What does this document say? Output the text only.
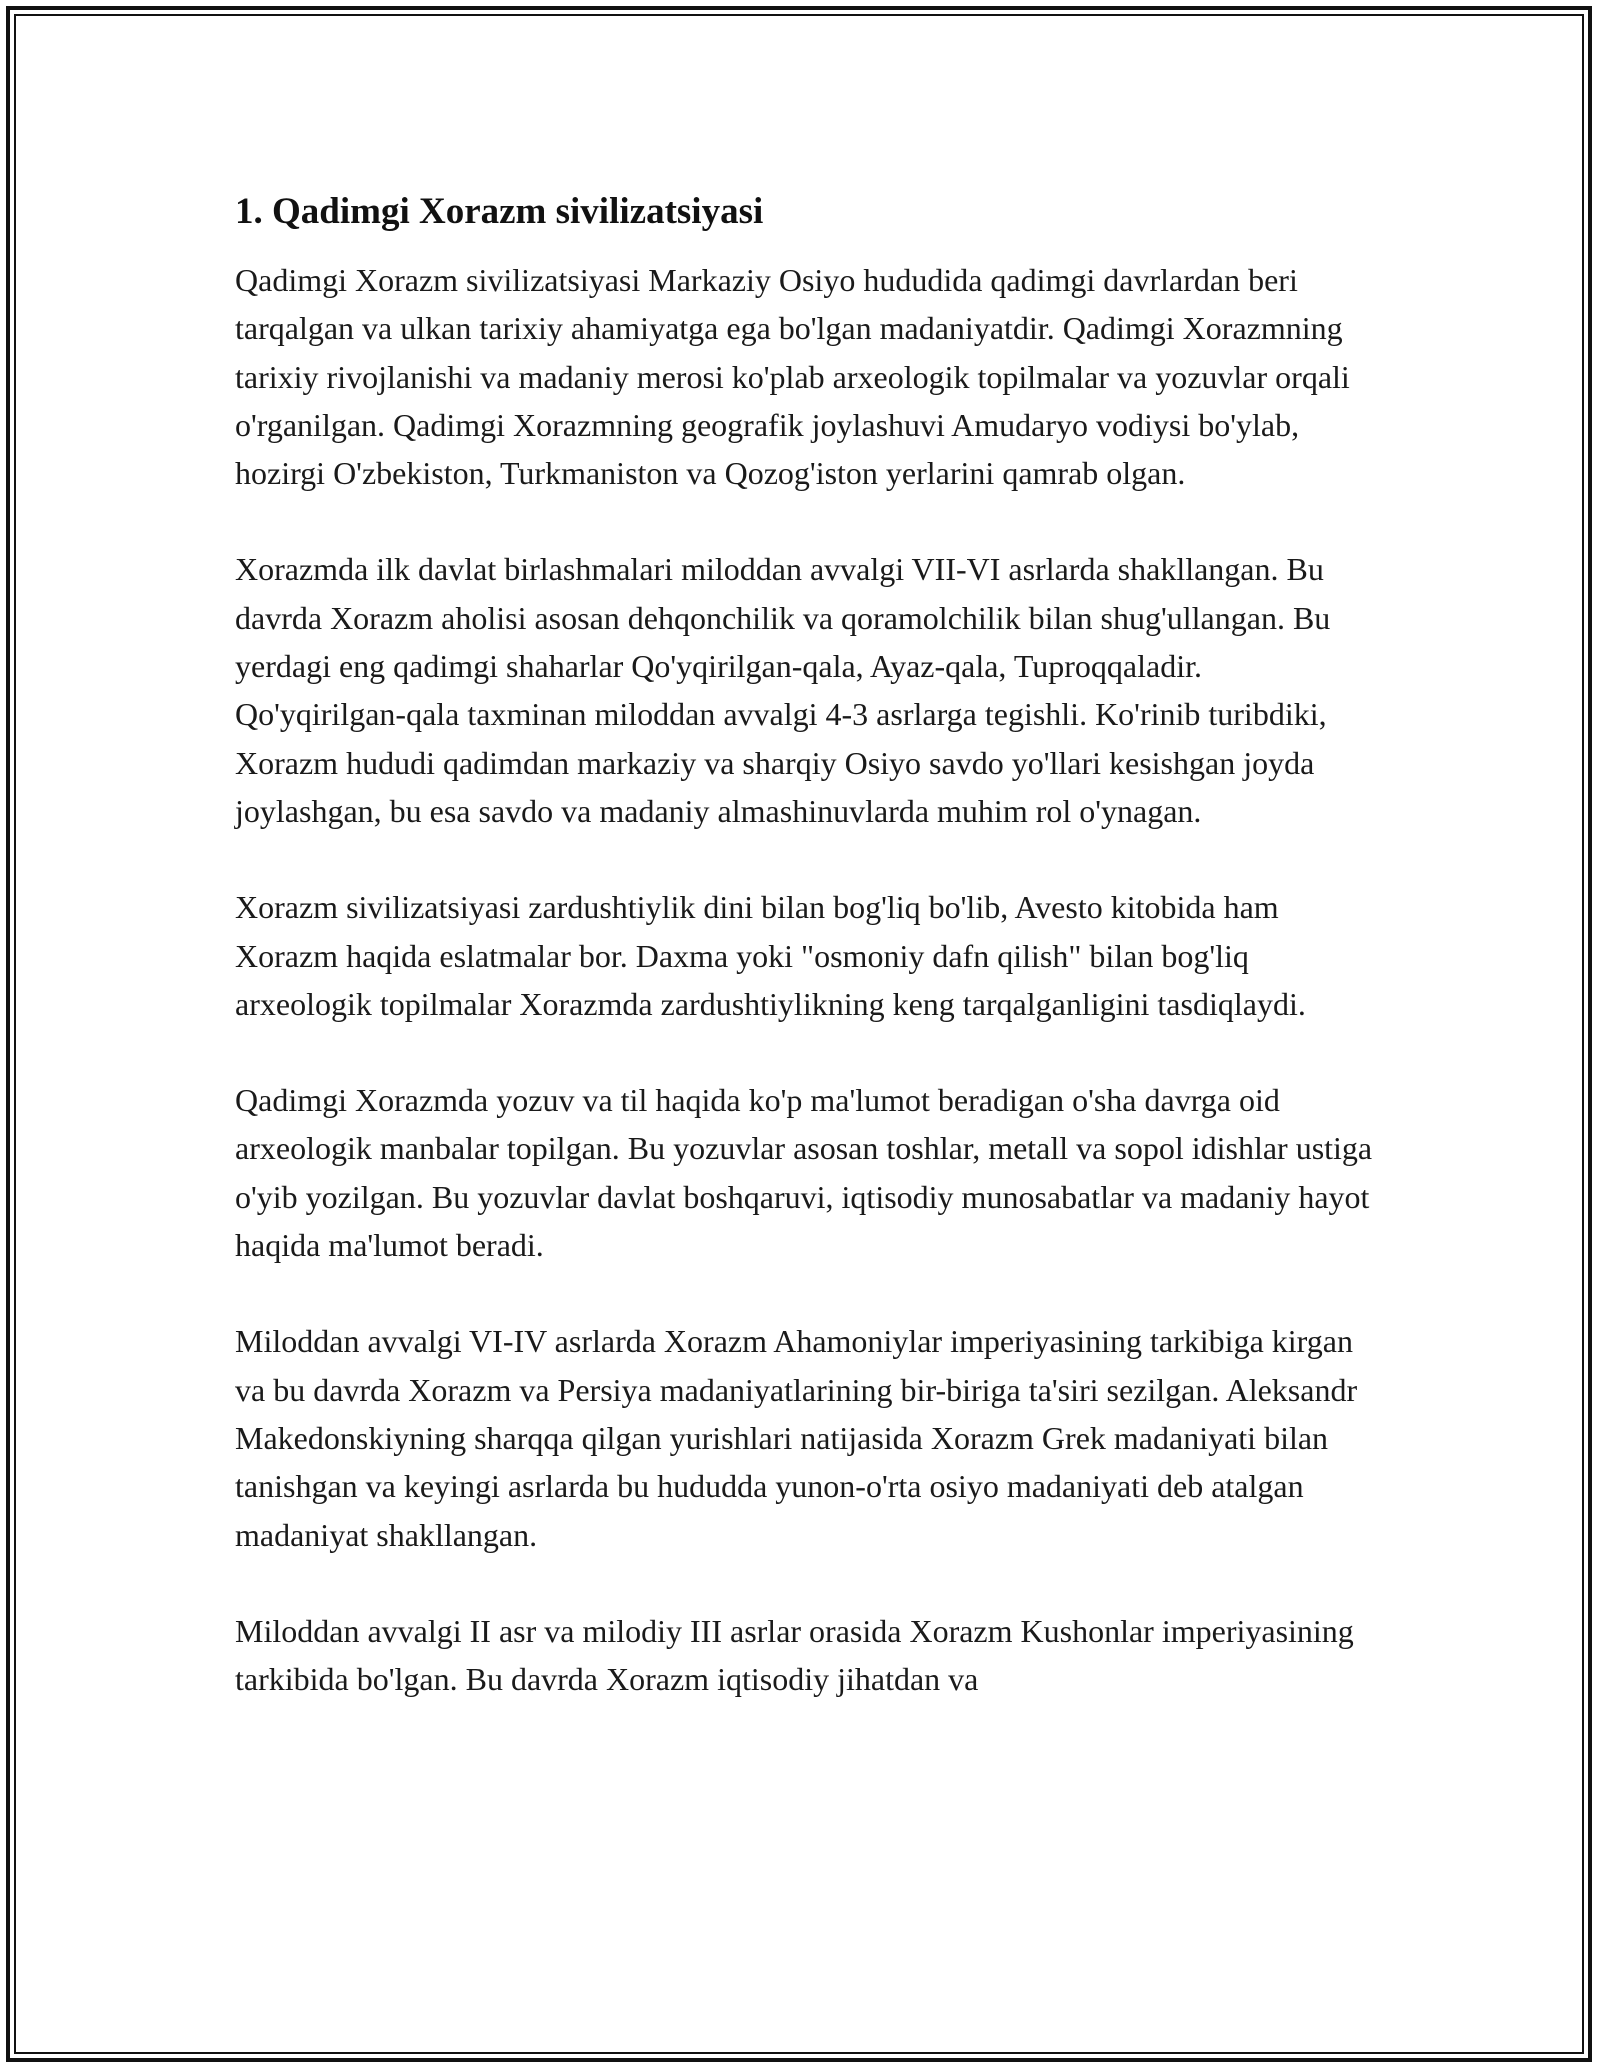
1. Qadimgi Xorazm sivilizatsiyasi

Qadimgi Xorazm sivilizatsiyasi Markaziy Osiyo hududida qadimgi davrlardan beri tarqalgan va ulkan tarixiy ahamiyatga ega bo'lgan madaniyatdir. Qadimgi Xorazmning tarixiy rivojlanishi va madaniy merosi ko'plab arxeologik topilmalar va yozuvlar orqali o'rganilgan. Qadimgi Xorazmning geografik joylashuvi Amudaryo vodiysi bo'ylab, hozirgi O'zbekiston, Turkmaniston va Qozog'iston yerlarini qamrab olgan.

Xorazmda ilk davlat birlashmalari miloddan avvalgi VII-VI asrlarda shakllangan. Bu davrda Xorazm aholisi asosan dehqonchilik va qoramolchilik bilan shug'ullangan. Bu yerdagi eng qadimgi shaharlar Qo'yqirilgan-qala, Ayaz-qala, Tuproqqaladir. Qo'yqirilgan-qala taxminan miloddan avvalgi 4-3 asrlarga tegishli. Ko'rinib turibdiki, Xorazm hududi qadimdan markaziy va sharqiy Osiyo savdo yo'llari kesishgan joyda joylashgan, bu esa savdo va madaniy almashinuvlarda muhim rol o'ynagan.

Xorazm sivilizatsiyasi zardushtiylik dini bilan bog'liq bo'lib, Avesto kitobida ham Xorazm haqida eslatmalar bor. Daxma yoki "osmoniy dafn qilish" bilan bog'liq arxeologik topilmalar Xorazmda zardushtiylikning keng tarqalganligini tasdiqlaydi.

Qadimgi Xorazmda yozuv va til haqida ko'p ma'lumot beradigan o'sha davrga oid arxeologik manbalar topilgan. Bu yozuvlar asosan toshlar, metall va sopol idishlar ustiga o'yib yozilgan. Bu yozuvlar davlat boshqaruvi, iqtisodiy munosabatlar va madaniy hayot haqida ma'lumot beradi.

Miloddan avvalgi VI-IV asrlarda Xorazm Ahamoniylar imperiyasining tarkibiga kirgan va bu davrda Xorazm va Persiya madaniyatlarining bir-biriga ta'siri sezilgan. Aleksandr Makedonskiyning sharqqa qilgan yurishlari natijasida Xorazm Grek madaniyati bilan tanishgan va keyingi asrlarda bu hududda yunon-o'rta osiyo madaniyati deb atalgan madaniyat shakllangan.

Miloddan avvalgi II asr va milodiy III asrlar orasida Xorazm Kushonlar imperiyasining tarkibida bo'lgan. Bu davrda Xorazm iqtisodiy jihatdan va
